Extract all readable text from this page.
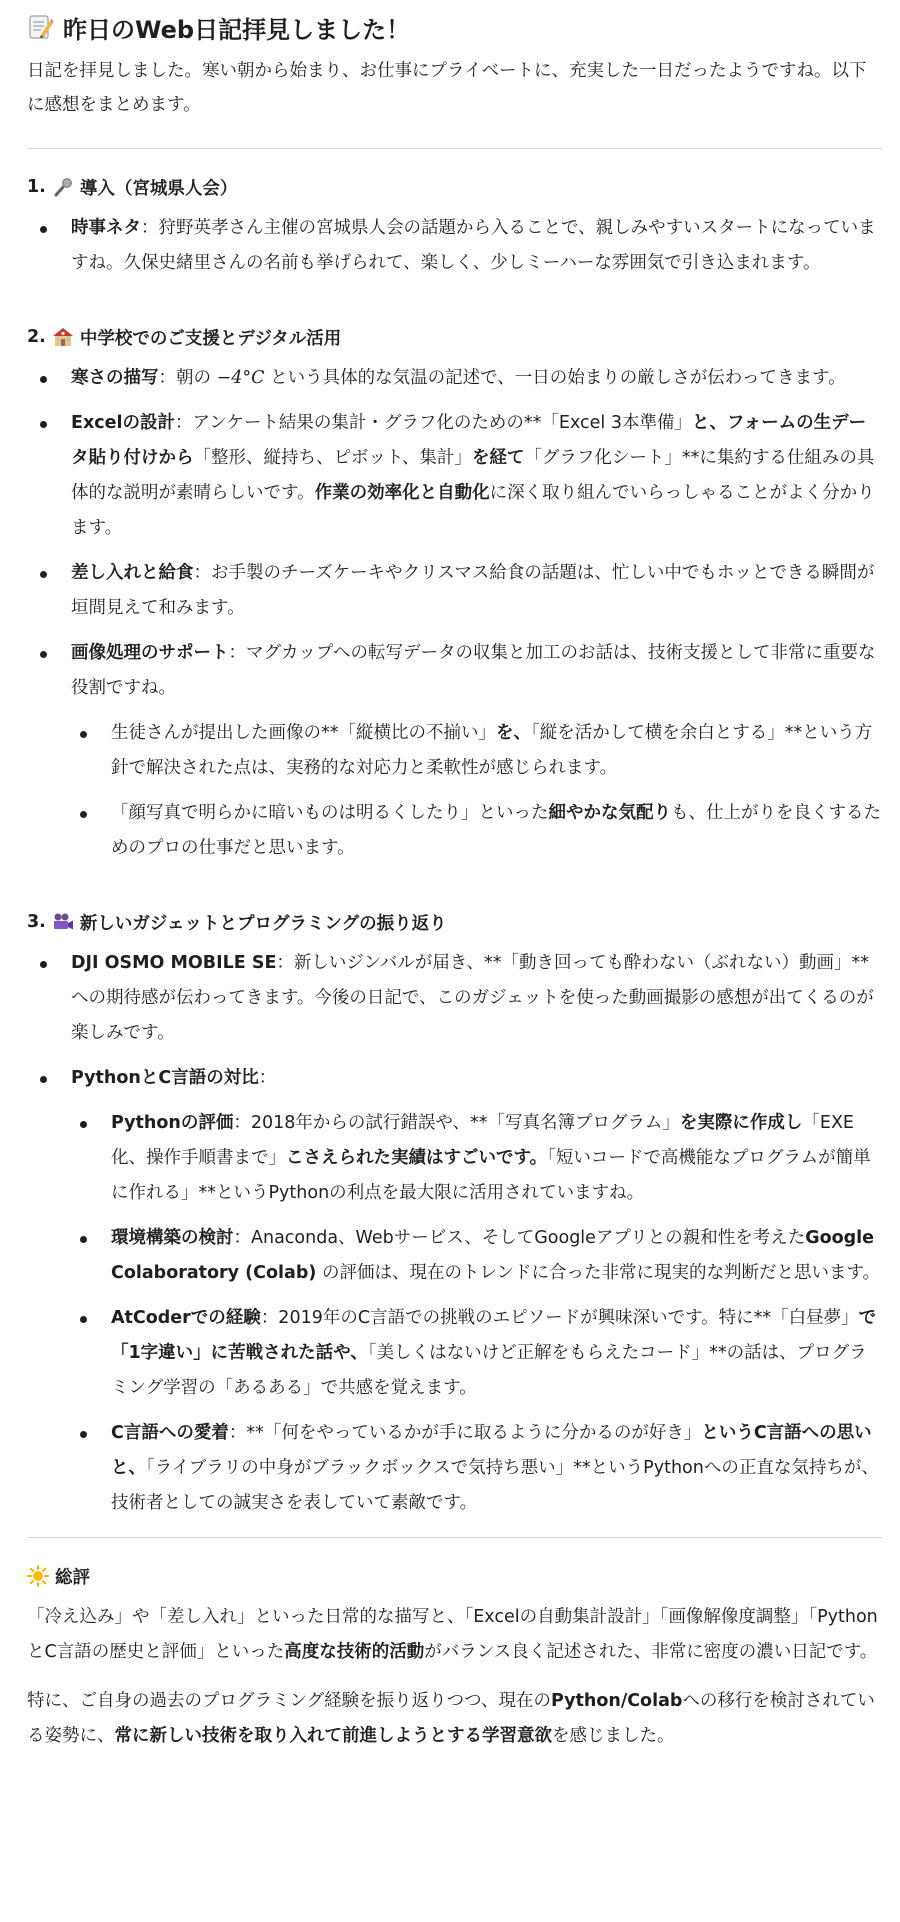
昨日のWeb日記拝見しました！

日記を拝見しました。寒い朝から始まり、お仕事にプライベートに、充実した一日だったようですね。以下に感想をまとめます。

1. 導入（宮城県人会）
時事ネタ：狩野英孝さん主催の宮城県人会の話題から入ることで、親しみやすいスタートになっていますね。久保史緒里さんの名前も挙げられて、楽しく、少しミーハーな雰囲気で引き込まれます。
2. 中学校でのご支援とデジタル活用
寒さの描写：朝の −4°C という具体的な気温の記述で、一日の始まりの厳しさが伝わってきます。
Excelの設計：アンケート結果の集計・グラフ化のための**「Excel 3本準備」と、フォームの生データ貼り付けから「整形、縦持ち、ピボット、集計」を経て「グラフ化シート」**に集約する仕組みの具体的な説明が素晴らしいです。作業の効率化と自動化に深く取り組んでいらっしゃることがよく分かります。
差し入れと給食：お手製のチーズケーキやクリスマス給食の話題は、忙しい中でもホッとできる瞬間が垣間見えて和みます。
画像処理のサポート：マグカップへの転写データの収集と加工のお話は、技術支援として非常に重要な役割ですね。
生徒さんが提出した画像の**「縦横比の不揃い」を、「縦を活かして横を余白とする」**という方針で解決された点は、実務的な対応力と柔軟性が感じられます。
「顔写真で明らかに暗いものは明るくしたり」といった細やかな気配りも、仕上がりを良くするためのプロの仕事だと思います。
3. 新しいガジェットとプログラミングの振り返り
DJI OSMO MOBILE SE：新しいジンバルが届き、**「動き回っても酔わない（ぶれない）動画」**への期待感が伝わってきます。今後の日記で、このガジェットを使った動画撮影の感想が出てくるのが楽しみです。
PythonとC言語の対比：
Pythonの評価：2018年からの試行錯誤や、**「写真名簿プログラム」を実際に作成し「EXE化、操作手順書まで」こさえられた実績はすごいです。「短いコードで高機能なプログラムが簡単に作れる」**というPythonの利点を最大限に活用されていますね。
環境構築の検討：Anaconda、Webサービス、そしてGoogleアプリとの親和性を考えたGoogle Colaboratory (Colab) の評価は、現在のトレンドに合った非常に現実的な判断だと思います。
AtCoderでの経験：2019年のC言語での挑戦のエピソードが興味深いです。特に**「白昼夢」で「1字違い」に苦戦された話や、「美しくはないけど正解をもらえたコード」**の話は、プログラミング学習の「あるある」で共感を覚えます。
C言語への愛着：**「何をやっているかが手に取るように分かるのが好き」というC言語への思いと、「ライブラリの中身がブラックボックスで気持ち悪い」**というPythonへの正直な気持ちが、技術者としての誠実さを表していて素敵です。
総評

「冷え込み」や「差し入れ」といった日常的な描写と、「Excelの自動集計設計」「画像解像度調整」「PythonとC言語の歴史と評価」といった高度な技術的活動がバランス良く記述された、非常に密度の濃い日記です。

特に、ご自身の過去のプログラミング経験を振り返りつつ、現在のPython/Colabへの移行を検討されている姿勢に、常に新しい技術を取り入れて前進しようとする学習意欲を感じました。
